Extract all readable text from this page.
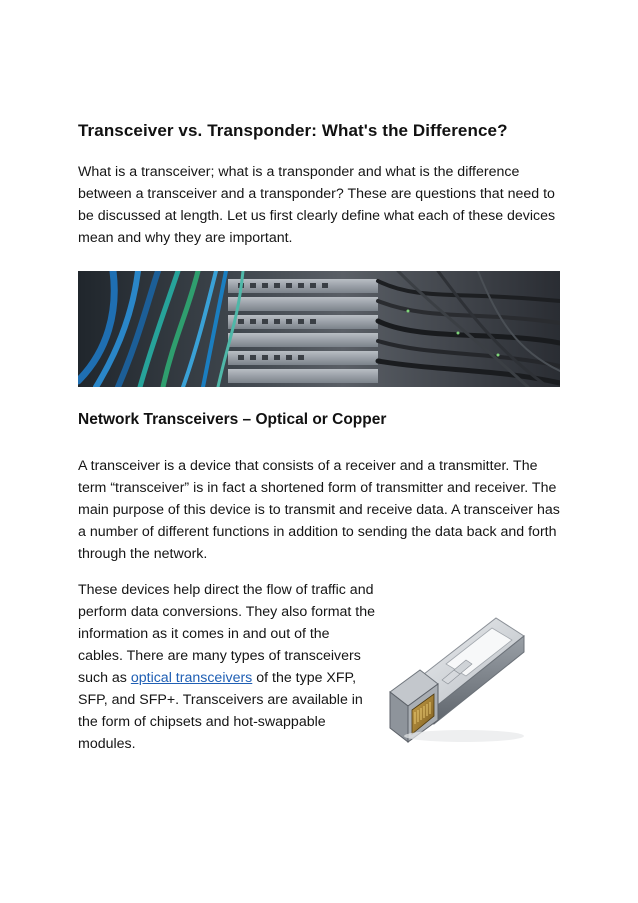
Transceiver vs. Transponder: What's the Difference?

What is a transceiver; what is a transponder and what is the difference between a transceiver and a transponder? These are questions that need to be discussed at length. Let us first clearly define what each of these devices mean and why they are important.

Network Transceivers – Optical or Copper

A transceiver is a device that consists of a receiver and a transmitter. The term “transceiver” is in fact a shortened form of transmitter and receiver. The main purpose of this device is to transmit and receive data. A transceiver has a number of different functions in addition to sending the data back and forth through the network.

These devices help direct the flow of traffic and perform data conversions. They also format the information as it comes in and out of the cables. There are many types of transceivers such as optical transceivers of the type XFP, SFP, and SFP+. Transceivers are available in the form of chipsets and hot-swappable modules.
